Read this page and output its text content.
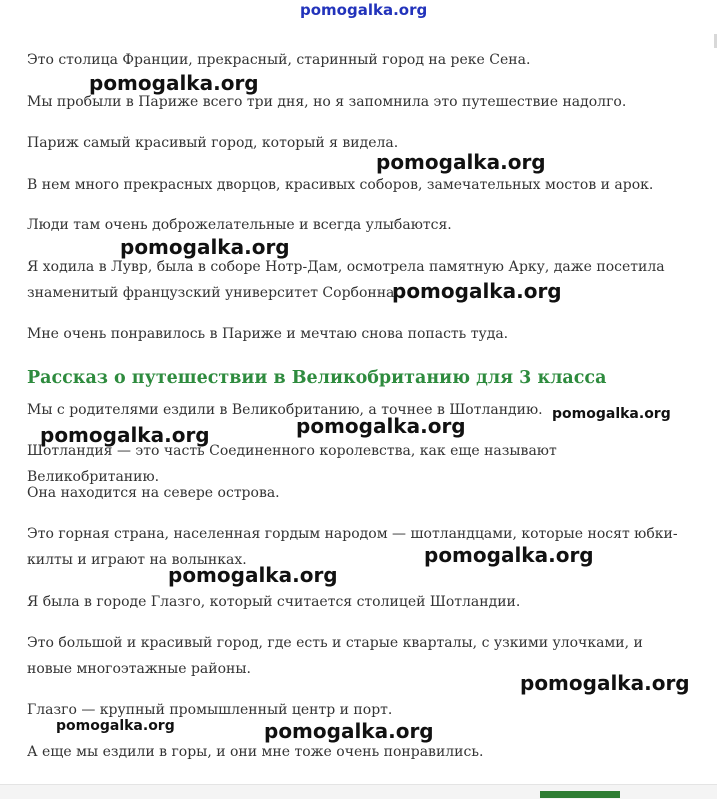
pomogalka.org

Это столица Франции, прекрасный, старинный город на реке Сена.

Мы пробыли в Париже всего три дня, но я запомнила это путешествие надолго.

Париж самый красивый город, который я видела.

В нем много прекрасных дворцов, красивых соборов, замечательных мостов и арок.

Люди там очень доброжелательные и всегда улыбаются.

Я ходила в Лувр, была в соборе Нотр-Дам, осмотрела памятную Арку, даже посетила знаменитый французский университет Сорбонна.

Мне очень понравилось в Париже и мечтаю снова попасть туда.

Рассказ о путешествии в Великобританию для 3 класса

Мы с родителями ездили в Великобританию, а точнее в Шотландию.

Шотландия — это часть Соединенного королевства, как еще называют Великобританию.

Она находится на севере острова.

Это горная страна, населенная гордым народом — шотландцами, которые носят юбки-килты и играют на волынках.

Я была в городе Глазго, который считается столицей Шотландии.

Это большой и красивый город, где есть и старые кварталы, с узкими улочками, и новые многоэтажные районы.

Глазго — крупный промышленный центр и порт.

А еще мы ездили в горы, и они мне тоже очень понравились.

pomogalka.org
pomogalka.org
pomogalka.org
pomogalka.org
pomogalka.org
pomogalka.org	pomogalka.org
pomogalka.org
pomogalka.org
pomogalka.org
pomogalka.org	pomogalka.org
